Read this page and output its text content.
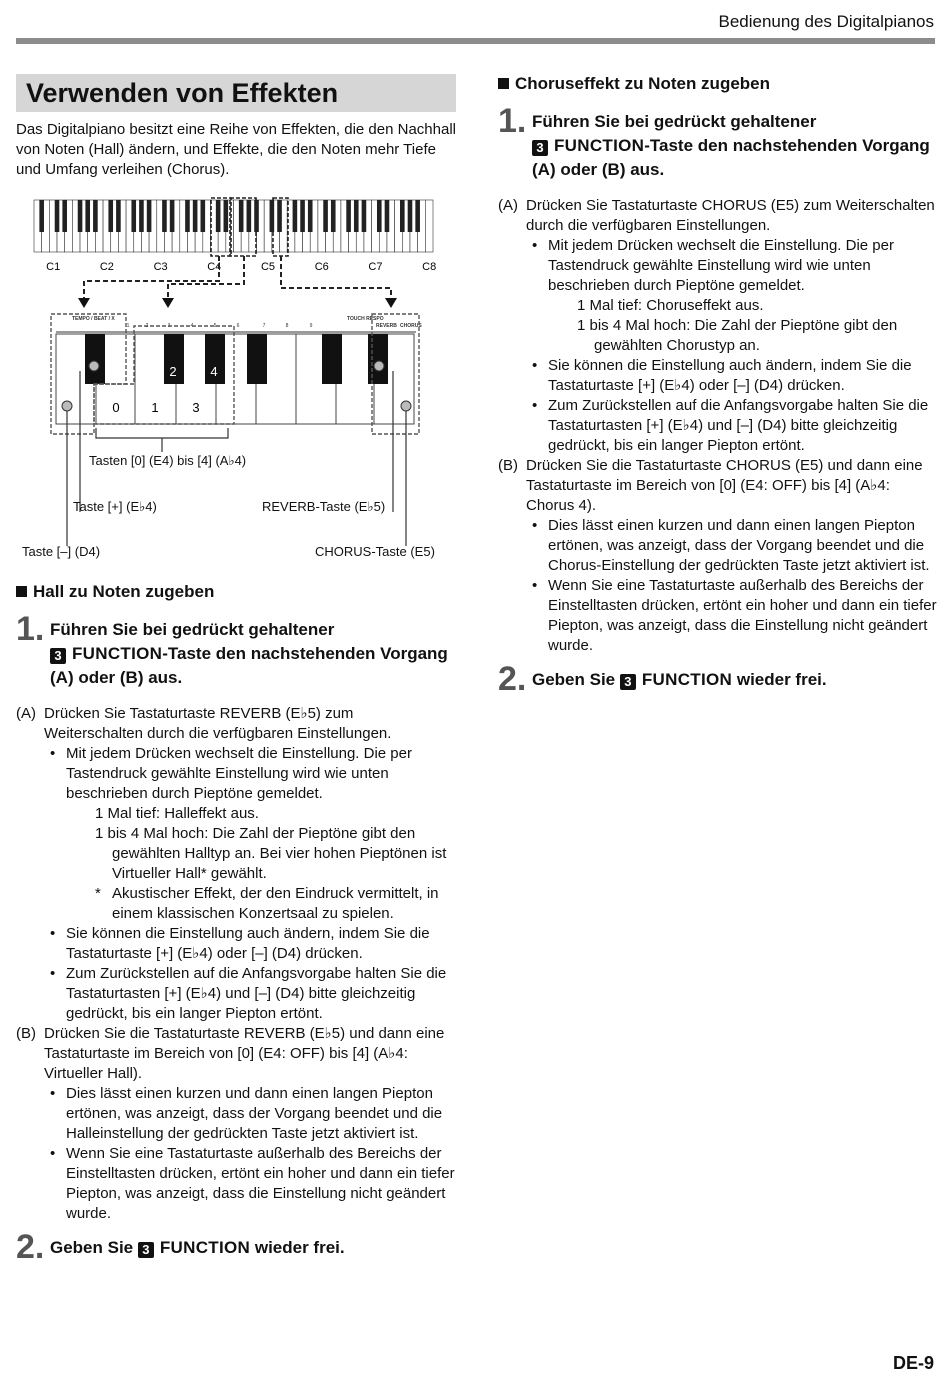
Bedienung des Digitalpianos
Verwenden von Effekten
Das Digitalpiano besitzt eine Reihe von Effekten, die den Nachhall von Noten (Hall) ändern, und Effekte, die den Noten mehr Tiefe und Umfang verleihen (Chorus).
C1	C2	C3	C4	C5	C6	C7	C8
TEMPO / BEAT / X	TOUCH RESPO
REVERB CHORUS
1	2	3	4	5	6	7	8	9
0 1
2
3
4
Tasten [0] (E4) bis [4] (A♭4)
Taste [+] (E♭4)	REVERB-Taste (E♭5)
Taste [–] (D4)	CHORUS-Taste (E5)
Hall zu Noten zugeben
1. Führen Sie bei gedrückt gehaltener
3 FUNCTION-Taste den nachstehenden Vorgang (A) oder (B) aus.
(A) Drücken Sie Tastaturtaste REVERB (E♭5) zum Weiterschalten durch die verfügbaren Einstellungen.
• Mit jedem Drücken wechselt die Einstellung. Die per Tastendruck gewählte Einstellung wird wie unten beschrieben durch Pieptöne gemeldet.
1 Mal tief: Halleffekt aus.
1 bis 4 Mal hoch: Die Zahl der Pieptöne gibt den gewählten Halltyp an. Bei vier hohen Pieptönen ist Virtueller Hall* gewählt.
* Akustischer Effekt, der den Eindruck vermittelt, in einem klassischen Konzertsaal zu spielen.
• Sie können die Einstellung auch ändern, indem Sie die Tastaturtaste [+] (E♭4) oder [–] (D4) drücken.
• Zum Zurückstellen auf die Anfangsvorgabe halten Sie die Tastaturtasten [+] (E♭4) und [–] (D4) bitte gleichzeitig gedrückt, bis ein langer Piepton ertönt.
(B) Drücken Sie die Tastaturtaste REVERB (E♭5) und dann eine Tastaturtaste im Bereich von [0] (E4: OFF) bis [4] (A♭4: Virtueller Hall).
• Dies lässt einen kurzen und dann einen langen Piepton ertönen, was anzeigt, dass der Vorgang beendet und die Halleinstellung der gedrückten Taste jetzt aktiviert ist.
• Wenn Sie eine Tastaturtaste außerhalb des Bereichs der Einstelltasten drücken, ertönt ein hoher und dann ein tiefer Piepton, was anzeigt, dass die Einstellung nicht geändert wurde.
2. Geben Sie 3 FUNCTION wieder frei.
Choruseffekt zu Noten zugeben
1. Führen Sie bei gedrückt gehaltener
3 FUNCTION-Taste den nachstehenden Vorgang (A) oder (B) aus.
(A) Drücken Sie Tastaturtaste CHORUS (E5) zum Weiterschalten durch die verfügbaren Einstellungen.
• Mit jedem Drücken wechselt die Einstellung. Die per Tastendruck gewählte Einstellung wird wie unten beschrieben durch Pieptöne gemeldet.
1 Mal tief: Choruseffekt aus.
1 bis 4 Mal hoch: Die Zahl der Pieptöne gibt den gewählten Chorustyp an.
• Sie können die Einstellung auch ändern, indem Sie die Tastaturtaste [+] (E♭4) oder [–] (D4) drücken.
• Zum Zurückstellen auf die Anfangsvorgabe halten Sie die Tastaturtasten [+] (E♭4) und [–] (D4) bitte gleichzeitig gedrückt, bis ein langer Piepton ertönt.
(B) Drücken Sie die Tastaturtaste CHORUS (E5) und dann eine Tastaturtaste im Bereich von [0] (E4: OFF) bis [4] (A♭4: Chorus 4).
• Dies lässt einen kurzen und dann einen langen Piepton ertönen, was anzeigt, dass der Vorgang beendet und die Chorus-Einstellung der gedrückten Taste jetzt aktiviert ist.
• Wenn Sie eine Tastaturtaste außerhalb des Bereichs der Einstelltasten drücken, ertönt ein hoher und dann ein tiefer Piepton, was anzeigt, dass die Einstellung nicht geändert wurde.
2. Geben Sie 3 FUNCTION wieder frei.
DE-9
